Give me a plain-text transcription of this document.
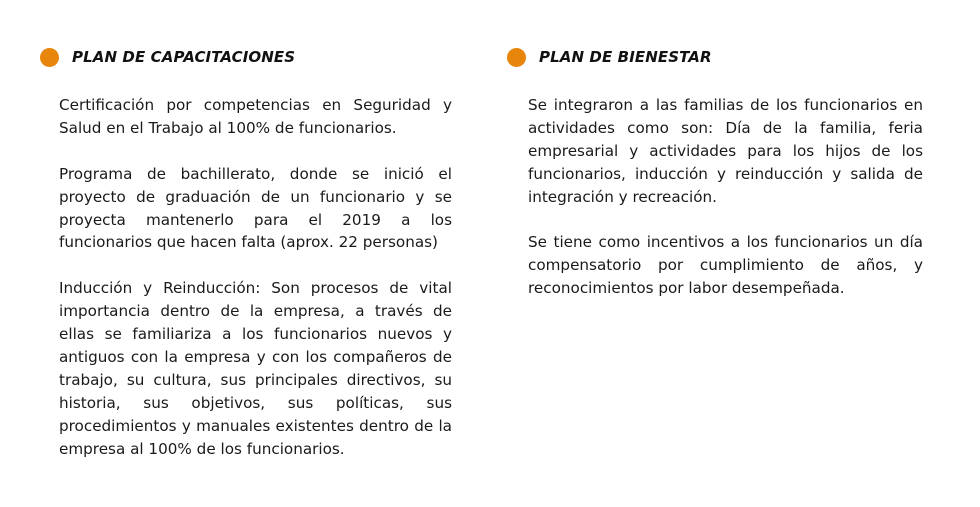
PLAN DE CAPACITACIONES

Certificación por competencias en Seguridad y Salud en el Trabajo al 100% de funcionarios.

Programa de bachillerato, donde se inició el proyecto de graduación de un funcionario y se proyecta mantenerlo para el 2019 a los funcionarios que hacen falta (aprox. 22 personas)

Inducción y Reinducción: Son procesos de vital importancia dentro de la empresa, a través de ellas se familiariza a los funcionarios nuevos y antiguos con la empresa y con los compañeros de trabajo, su cultura, sus principales directivos, su historia, sus objetivos, sus políticas, sus procedimientos y manuales existentes dentro de la empresa al 100% de los funcionarios.

PLAN DE BIENESTAR

Se integraron a las familias de los funcionarios en actividades como son: Día de la familia, feria empresarial y actividades para los hijos de los funcionarios, inducción y reinducción y salida de integración y recreación.

Se tiene como incentivos a los funcionarios un día compensatorio por cumplimiento de años, y reconocimientos por labor desempeñada.
